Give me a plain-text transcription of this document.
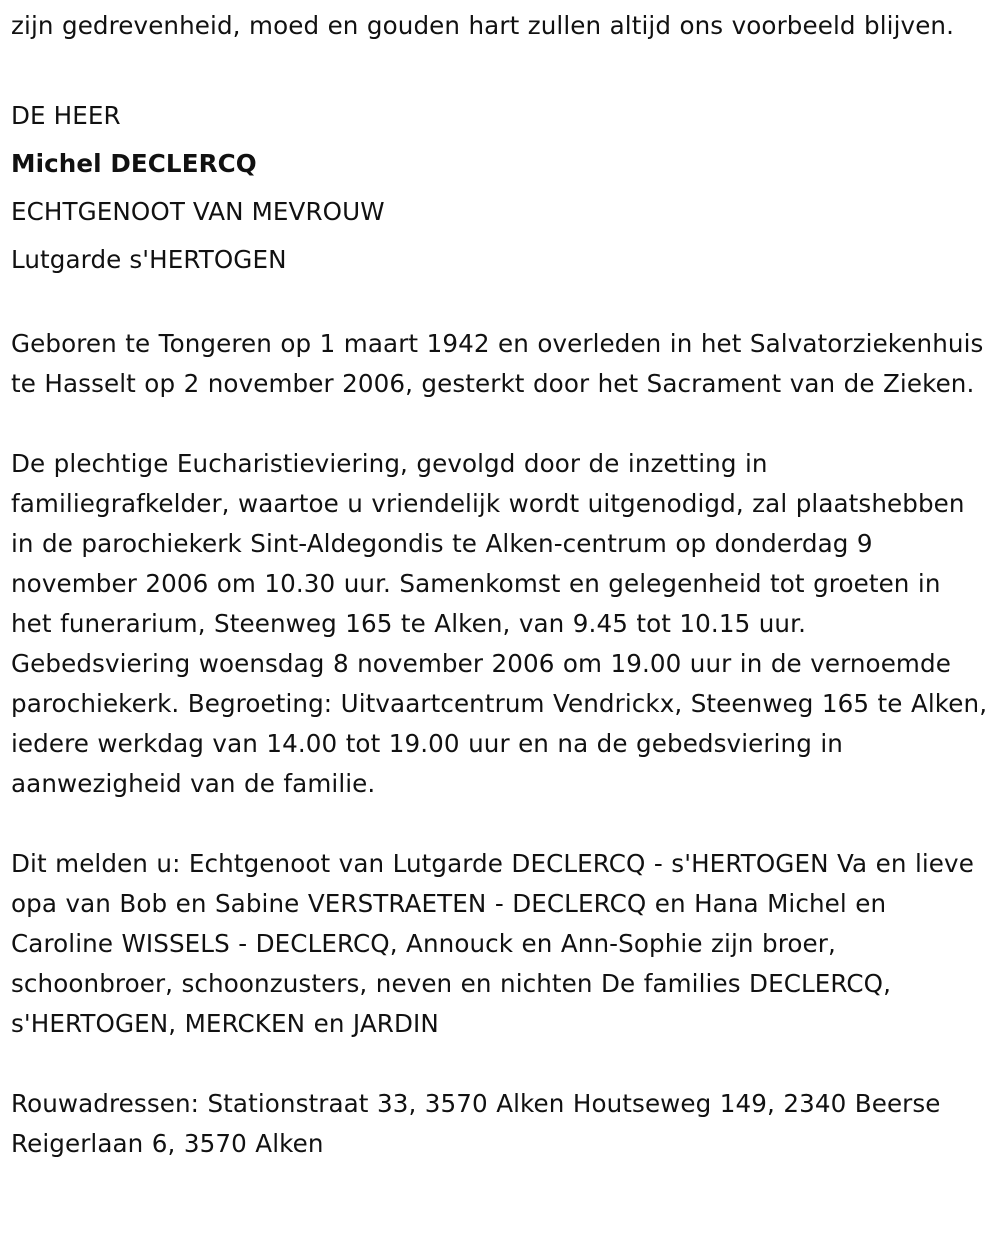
zijn gedrevenheid, moed en gouden hart zullen altijd ons voorbeeld blijven.

DE HEER

Michel DECLERCQ

ECHTGENOOT VAN MEVROUW

Lutgarde s'HERTOGEN

Geboren te Tongeren op 1 maart 1942 en overleden in het Salvatorziekenhuis te Hasselt op 2 november 2006, gesterkt door het Sacrament van de Zieken.

De plechtige Eucharistieviering, gevolgd door de inzetting in familiegrafkelder, waartoe u vriendelijk wordt uitgenodigd, zal plaatshebben in de parochiekerk Sint-Aldegondis te Alken-centrum op donderdag 9 november 2006 om 10.30 uur. Samenkomst en gelegenheid tot groeten in het funerarium, Steenweg 165 te Alken, van 9.45 tot 10.15 uur. Gebedsviering woensdag 8 november 2006 om 19.00 uur in de vernoemde parochiekerk. Begroeting: Uitvaartcentrum Vendrickx, Steenweg 165 te Alken, iedere werkdag van 14.00 tot 19.00 uur en na de gebedsviering in aanwezigheid van de familie.

Dit melden u: Echtgenoot van Lutgarde DECLERCQ - s'HERTOGEN Va en lieve opa van Bob en Sabine VERSTRAETEN - DECLERCQ en Hana Michel en Caroline WISSELS - DECLERCQ, Annouck en Ann-Sophie zijn broer, schoonbroer, schoonzusters, neven en nichten De families DECLERCQ, s'HERTOGEN, MERCKEN en JARDIN

Rouwadressen: Stationstraat 33, 3570 Alken Houtseweg 149, 2340 Beerse Reigerlaan 6, 3570 Alken
